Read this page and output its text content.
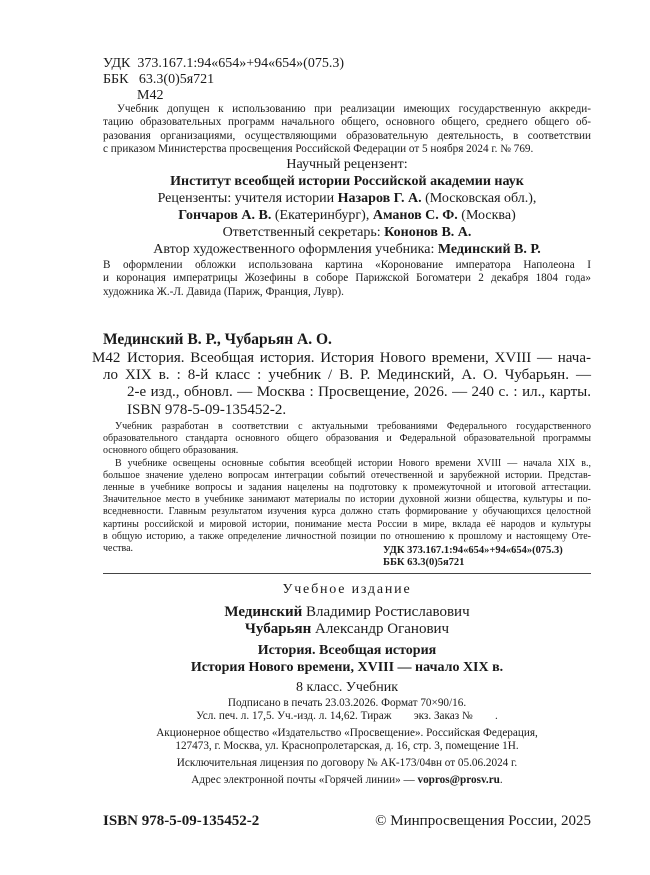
УДК 373.167.1:94«654»+94«654»(075.3)
ББК 63.3(0)5я721
М42

Учебник допущен к использованию при реализации имеющих государственную аккреди-

тацию образовательных программ начального общего, основного общего, среднего общего об-

разования организациями, осуществляющими образовательную деятельность, в соответствии

с приказом Министерства просвещения Российской Федерации от 5 ноября 2024 г. № 769.

Научный рецензент:
Институт всеобщей истории Российской академии наук
Рецензенты: учителя истории Назаров Г. А. (Московская обл.),
Гончаров А. В. (Екатеринбург), Аманов С. Ф. (Москва)
Ответственный секретарь: Кононов В. А.
Автор художественного оформления учебника: Мединский В. Р.

В оформлении обложки использована картина «Коронование императора Наполеона I

и коронация императрицы Жозефины в соборе Парижской Богоматери 2 декабря 1804 года»

художника Ж.-Л. Давида (Париж, Франция, Лувр).

Мединский В. Р., Чубарьян А. О.
М42 История. Всеобщая история. История Нового времени, XVIII — нача-

ло XIX в. : 8-й класс : учебник / В. Р. Мединский, А. О. Чубарьян. —

2-е изд., обновл. — Москва : Просвещение, 2026. — 240 с. : ил., карты.

ISBN 978-5-09-135452-2.

Учебник разработан в соответствии с актуальными требованиями Федерального государственного

образовательного стандарта основного общего образования и Федеральной образовательной программы

основного общего образования.

В учебнике освещены основные события всеобщей истории Нового времени XVIII — начала XIX в.,

большое значение уделено вопросам интеграции событий отечественной и зарубежной истории. Представ-

ленные в учебнике вопросы и задания нацелены на подготовку к промежуточной и итоговой аттестации.

Значительное место в учебнике занимают материалы по истории духовной жизни общества, культуры и по-

вседневности. Главным результатом изучения курса должно стать формирование у обучающихся целостной

картины российской и мировой истории, понимание места России в мире, вклада её народов и культуры

в общую историю, а также определение личностной позиции по отношению к прошлому и настоящему Оте-

чества.	УДК 373.167.1:94«654»+94«654»(075.3)
ББК 63.3(0)5я721
Учебное издание
Мединский Владимир Ростиславович
Чубарьян Александр Оганович
История. Всеобщая история
История Нового времени, XVIII — начало XIX в.
8 класс. Учебник
Подписано в печать 23.03.2026. Формат 70×90/16.
Усл. печ. л. 17,5. Уч.-изд. л. 14,62. Тираж        экз. Заказ №        .
Акционерное общество «Издательство «Просвещение». Российская Федерация,
127473, г. Москва, ул. Краснопролетарская, д. 16, стр. 3, помещение 1Н.
Исключительная лицензия по договору № АК-173/04вн от 05.06.2024 г.
Адрес электронной почты «Горячей линии» — vopros@prosv.ru.
ISBN 978-5-09-135452-2	© Минпросвещения России, 2025
